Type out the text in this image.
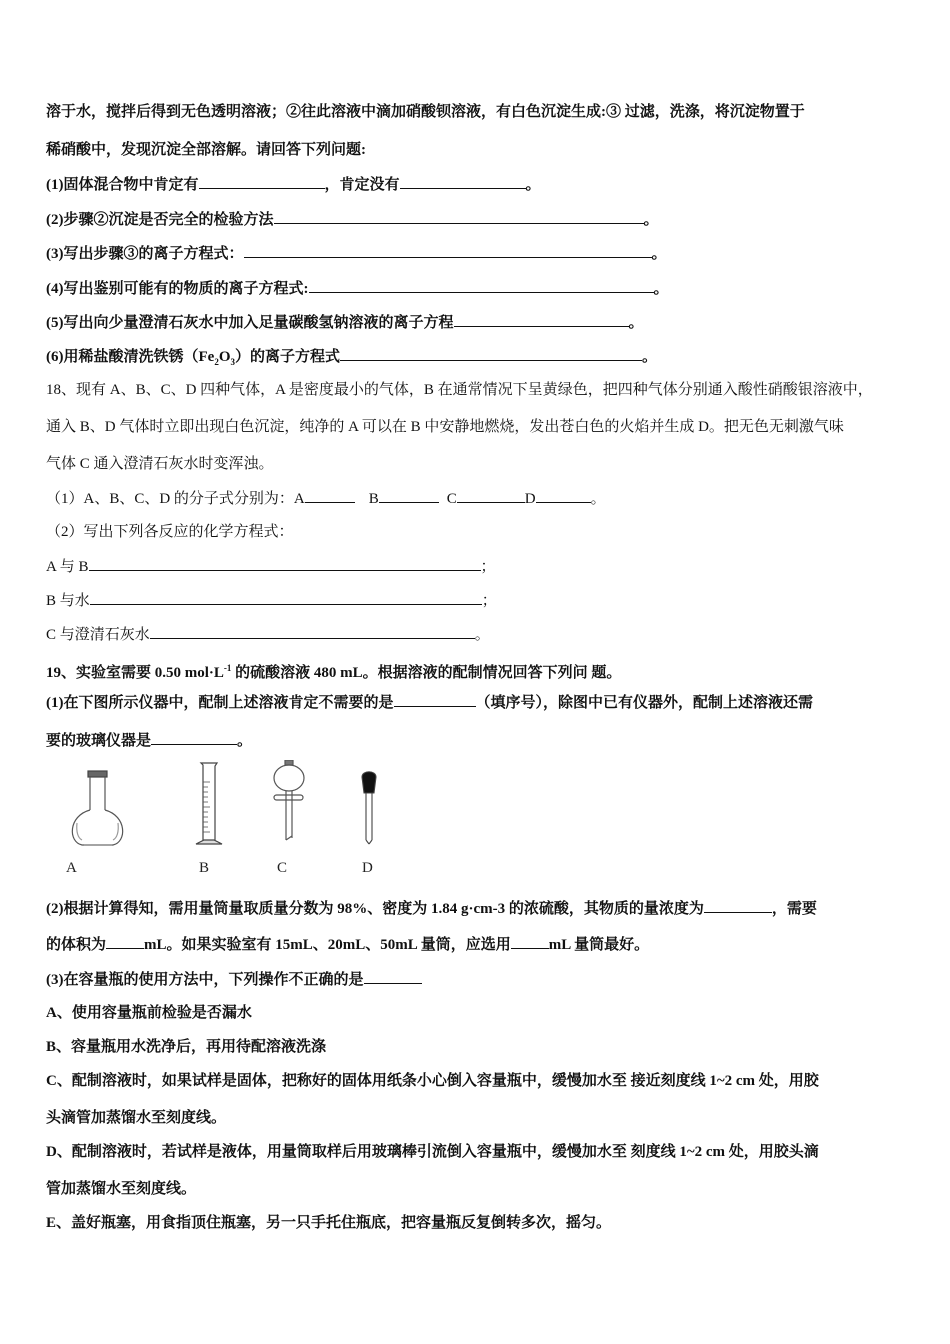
溶于水，搅拌后得到无色透明溶液；②往此溶液中滴加硝酸钡溶液，有白色沉淀生成:③ 过滤，洗涤，将沉淀物置于
稀硝酸中，发现沉淀全部溶解。请回答下列问题:
(1)固体混合物中肯定有	，肯定没有	。
(2)步骤②沉淀是否完全的检验方法	。
(3)写出步骤③的离子方程式：	。
(4)写出鉴别可能有的物质的离子方程式:	。
(5)写出向少量澄清石灰水中加入足量碳酸氢钠溶液的离子方程	。
(6)用稀盐酸清洗铁锈$(Fe_2O_3)$的离子方程式	。
18、现有 A、B、C、D 四种气体，A 是密度最小的气体，B 在通常情况下呈黄绿色，把四种气体分别通入酸性硝酸银溶液中，
通入 B、D 气体时立即出现白色沉淀，纯净的 A 可以在 B 中安静地燃烧，发出苍白色的火焰并生成 D。把无色无刺激气味
气体 C 通入澄清石灰水时变浑浊。
（1）A、B、C、D 的分子式分别为：A	B	C	D	。
（2）写出下列各反应的化学方程式：
A 与 B	；
B 与水	；
C 与澄清石灰水	。
19、实验室需要 0.50 $mol\cdot L^{-1}$ 的硫酸溶液 480 mL。根据溶液的配制情况回答下列问 题。
(1)在下图所示仪器中，配制上述溶液肯定不需要的是	（填序号），除图中已有仪器外，配制上述溶液还需
要的玻璃仪器是	。
A	B	C	D
(2)根据计算得知，需用量筒量取质量分数为 98%、密度为 1.84 g·cm-3 的浓硫酸，其物质的量浓度为	，需要
的体积为	mL。如果实验室有 15mL、20mL、50mL 量筒，应选用	mL 量筒最好。
(3)在容量瓶的使用方法中，下列操作不正确的是
A、使用容量瓶前检验是否漏水
B、容量瓶用水洗净后，再用待配溶液洗涤
C、配制溶液时，如果试样是固体，把称好的固体用纸条小心倒入容量瓶中，缓慢加水至 接近刻度线 1~2 cm 处，用胶
头滴管加蒸馏水至刻度线。
D、配制溶液时，若试样是液体，用量筒取样后用玻璃棒引流倒入容量瓶中，缓慢加水至 刻度线 1~2 cm 处，用胶头滴
管加蒸馏水至刻度线。
E、盖好瓶塞，用食指顶住瓶塞，另一只手托住瓶底，把容量瓶反复倒转多次，摇匀。
